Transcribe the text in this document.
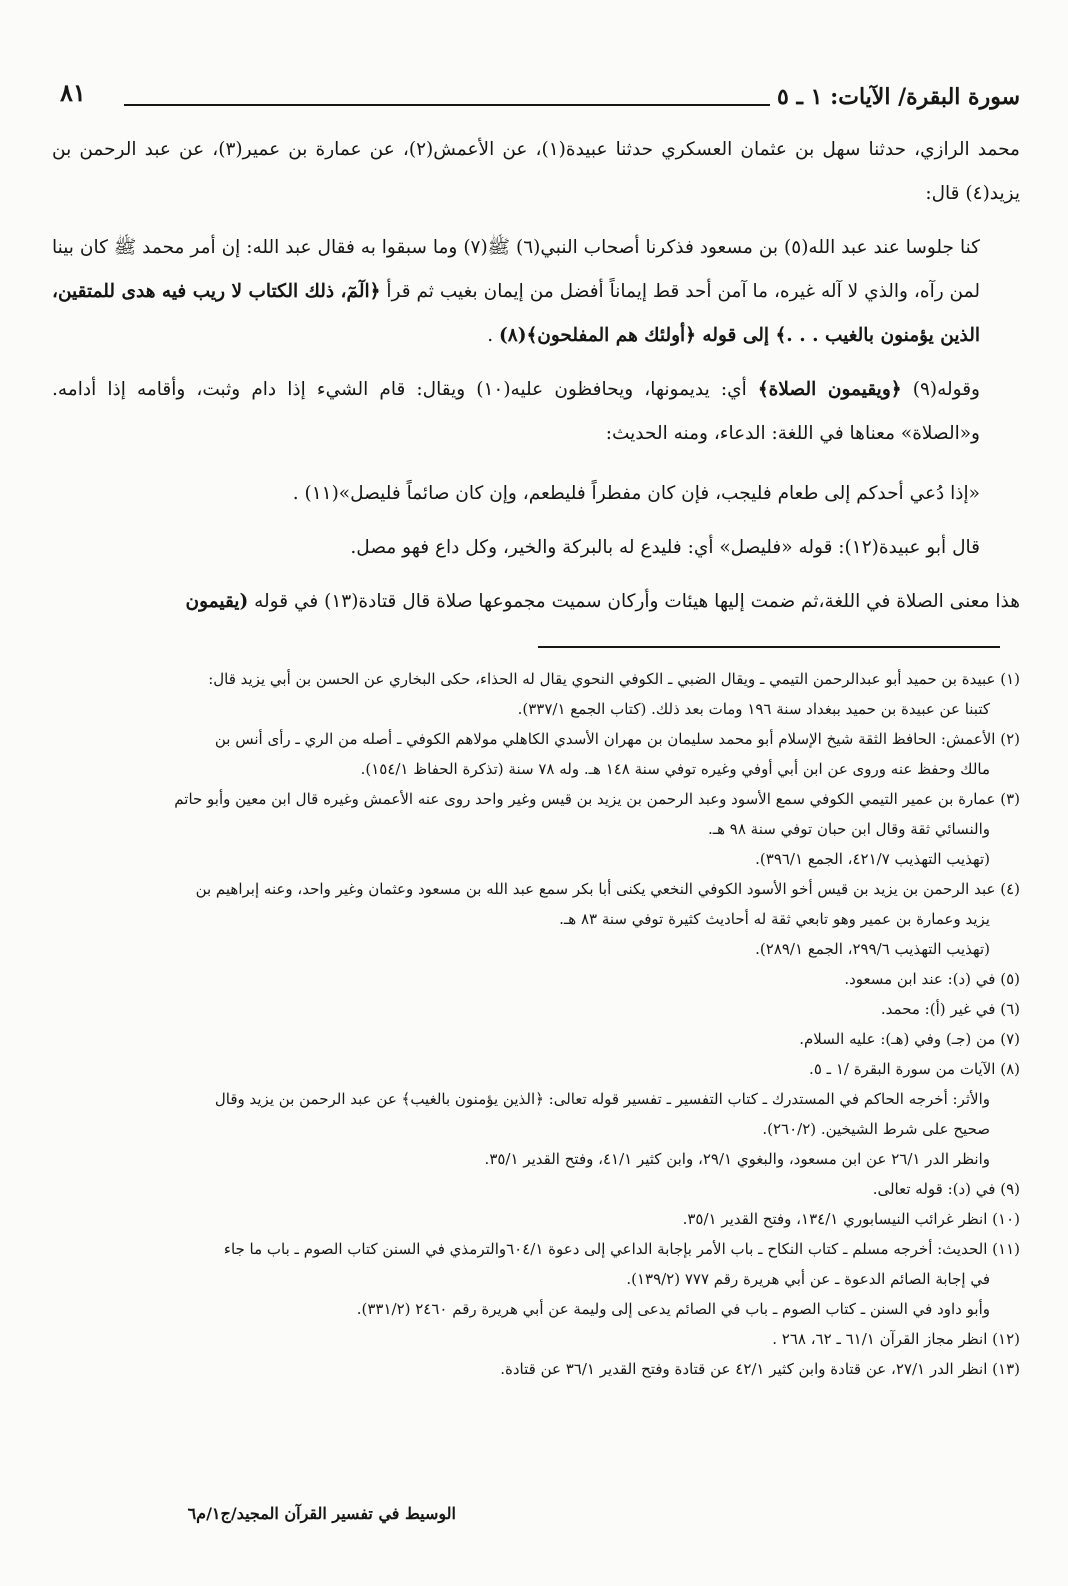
سورة البقرة/ الآيات: ١ ـ ٥
٨١

محمد الرازي، حدثنا سهل بن عثمان العسكري حدثنا عبيدة(١)، عن الأعمش(٢)، عن عمارة بن عمير(٣)، عن عبد الرحمن بن يزيد(٤) قال:

كنا جلوسا عند عبد الله(٥) بن مسعود فذكرنا أصحاب النبي(٦) ﷺ(٧) وما سبقوا به فقال عبد الله: إن أمر محمد ﷺ كان بينا لمن رآه، والذي لا آله غيره، ما آمن أحد قط إيماناً أفضل من إيمان بغيب ثم قرأ ﴿الٓمٓ، ذلك الكتاب لا ريب فيه هدى للمتقين، الذين يؤمنون بالغيب . . .﴾ إلى قوله ﴿أولئك هم المفلحون﴾(٨) .

وقوله(٩) ﴿ويقيمون الصلاة﴾ أي: يديمونها، ويحافظون عليه(١٠) ويقال: قام الشيء إذا دام وثبت، وأقامه إذا أدامه. و«الصلاة» معناها في اللغة: الدعاء، ومنه الحديث:

«إذا دُعي أحدكم إلى طعام فليجب، فإن كان مفطراً فليطعم، وإن كان صائماً فليصل»(١١) .

قال أبو عبيدة(١٢): قوله «فليصل» أي: فليدع له بالبركة والخير، وكل داع فهو مصل.

هذا معنى الصلاة في اللغة،ثم ضمت إليها هيئات وأركان سميت مجموعها صلاة قال قتادة(١٣) في قوله (يقيمون

(١) عبيدة بن حميد أبو عبدالرحمن التيمي ـ ويقال الضبي ـ الكوفي النحوي يقال له الحذاء، حكى البخاري عن الحسن بن أبي يزيد قال:
كتبنا عن عبيدة بن حميد ببغداد سنة ١٩٦ ومات بعد ذلك. (كتاب الجمع ٣٣٧/١).
(٢) الأعمش: الحافظ الثقة شيخ الإسلام أبو محمد سليمان بن مهران الأسدي الكاهلي مولاهم الكوفي ـ أصله من الري ـ رأى أنس بن
مالك وحفظ عنه وروى عن ابن أبي أوفي وغيره توفي سنة ١٤٨ هـ. وله ٧٨ سنة (تذكرة الحفاظ ١٥٤/١).
(٣) عمارة بن عمير التيمي الكوفي سمع الأسود وعبد الرحمن بن يزيد بن قيس وغير واحد روى عنه الأعمش وغيره قال ابن معين وأبو حاتم
والنسائي ثقة وقال ابن حبان توفي سنة ٩٨ هـ.
(تهذيب التهذيب ٤٢١/٧، الجمع ٣٩٦/١).
(٤) عبد الرحمن بن يزيد بن قيس أخو الأسود الكوفي النخعي يكنى أبا بكر سمع عبد الله بن مسعود وعثمان وغير واحد، وعنه إبراهيم بن
يزيد وعمارة بن عمير وهو تابعي ثقة له أحاديث كثيرة توفي سنة ٨٣ هـ.
(تهذيب التهذيب ٢٩٩/٦، الجمع ٢٨٩/١).
(٥) في (د): عند ابن مسعود.
(٦) في غير (أ): محمد.
(٧) من (جـ) وفي (هـ): عليه السلام.
(٨) الآيات من سورة البقرة /١ ـ ٥.
والأثر: أخرجه الحاكم في المستدرك ـ كتاب التفسير ـ تفسير قوله تعالى: ﴿الذين يؤمنون بالغيب﴾ عن عبد الرحمن بن يزيد وقال
صحيح على شرط الشيخين. (٢٦٠/٢).
وانظر الدر ٢٦/١ عن ابن مسعود، والبغوي ٢٩/١، وابن كثير ٤١/١، وفتح القدير ٣٥/١.
(٩) في (د): قوله تعالى.
(١٠) انظر غرائب النيسابوري ١٣٤/١، وفتح القدير ٣٥/١.
(١١) الحديث: أخرجه مسلم ـ كتاب النكاح ـ باب الأمر بإجابة الداعي إلى دعوة ٦٠٤/١والترمذي في السنن كتاب الصوم ـ باب ما جاء
في إجابة الصائم الدعوة ـ عن أبي هريرة رقم ٧٧٧ (١٣٩/٢).
وأبو داود في السنن ـ كتاب الصوم ـ باب في الصائم يدعى إلى وليمة عن أبي هريرة رقم ٢٤٦٠ (٣٣١/٢).
(١٢) انظر مجاز القرآن ٦١/١ ـ ٦٢، ٢٦٨ .
(١٣) انظر الدر ٢٧/١، عن قتادة وابن كثير ٤٢/١ عن قتادة وفتح القدير ٣٦/١ عن قتادة.
الوسيط في تفسير القرآن المجيد/ج١/م٦
